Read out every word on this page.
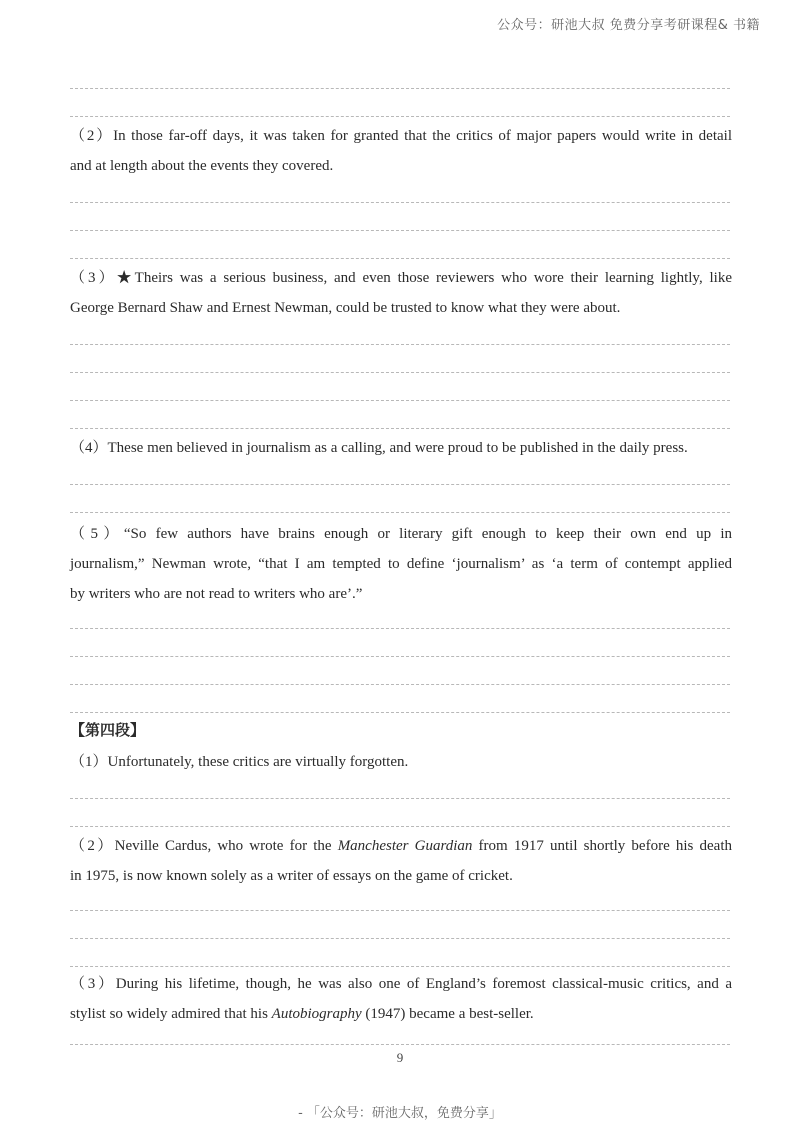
公众号：研池大叔 免费分享考研课程& 书籍
（2）In those far-off days, it was taken for granted that the critics of major papers would write in detail
and at length about the events they covered.
（3）★Theirs was a serious business, and even those reviewers who wore their learning lightly, like
George Bernard Shaw and Ernest Newman, could be trusted to know what they were about.
（4）These men believed in journalism as a calling, and were proud to be published in the daily press.
（5）“So few authors have brains enough or literary gift enough to keep their own end up in
journalism,” Newman wrote, “that I am tempted to define ‘journalism’ as ‘a term of contempt applied
by writers who are not read to writers who are’.”
【第四段】
（1）Unfortunately, these critics are virtually forgotten.
（2）Neville Cardus, who wrote for the Manchester Guardian from 1917 until shortly before his death
in 1975, is now known solely as a writer of essays on the game of cricket.
（3）During his lifetime, though, he was also one of England’s foremost classical-music critics, and a
stylist so widely admired that his Autobiography (1947) became a best-seller.
9
- 「公众号：研池大叔，免费分享」
